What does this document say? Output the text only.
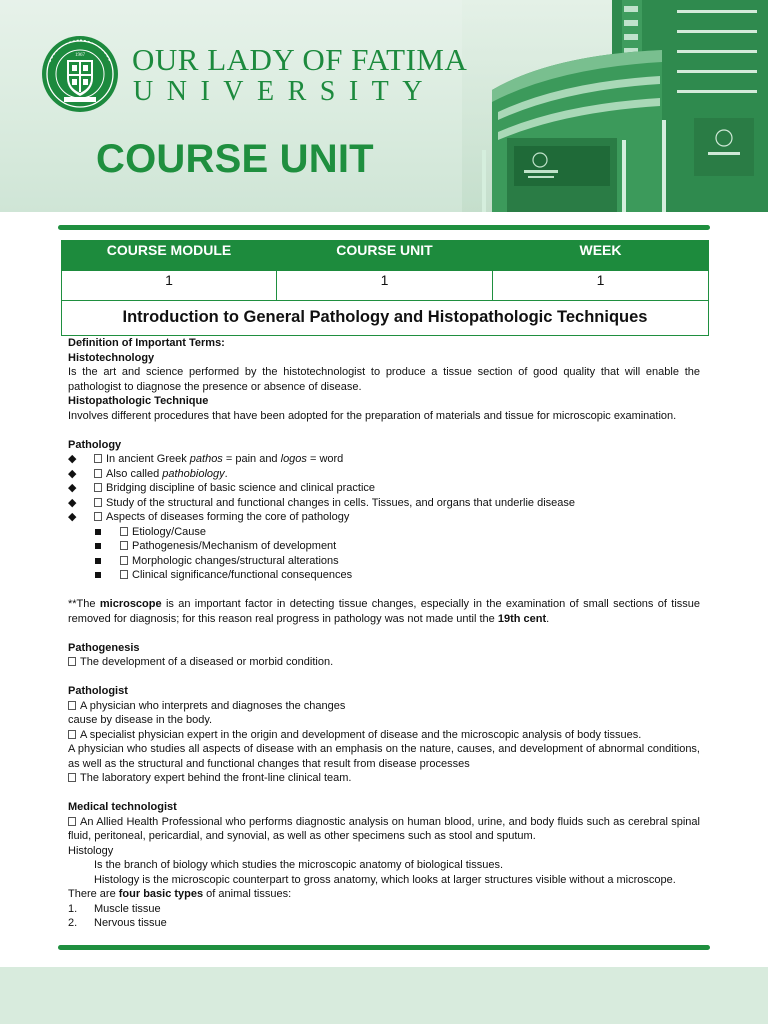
1967 OUR LADY OF FATIMA
UNIVERSITY
COURSE UNIT
COURSE MODULE	COURSE UNIT	WEEK
1	1	1
Introduction to General Pathology and Histopathologic Techniques		

Definition of Important Terms:

Histotechnology

Is the art and science performed by the histotechnologist to produce a tissue section of good quality that will enable the pathologist to diagnose the presence or absence of disease.

Histopathologic Technique

Involves different procedures that have been adopted for the preparation of materials and tissue for microscopic examination.

Pathology

◆	In ancient Greek pathos = pain and logos = word

◆	Also called pathobiology.

◆	Bridging discipline of basic science and clinical practice

◆	Study of the structural and functional changes in cells. Tissues, and organs that underlie disease

◆	Aspects of diseases forming the core of pathology

Etiology/Cause

Pathogenesis/Mechanism of development

Morphologic changes/structural alterations

Clinical significance/functional consequences

**The microscope is an important factor in detecting tissue changes, especially in the examination of small sections of tissue removed for diagnosis; for this reason real progress in pathology was not made until the 19th cent.

Pathogenesis

The development of a diseased or morbid condition.

Pathologist

A physician who interprets and diagnoses the changes

cause by disease in the body.

A specialist physician expert in the origin and development of disease and the microscopic analysis of body tissues.

A physician who studies all aspects of disease with an emphasis on the nature, causes, and development of abnormal conditions, as well as the structural and functional changes that result from disease processes

The laboratory expert behind the front-line clinical team.

Medical technologist

An Allied Health Professional who performs diagnostic analysis on human blood, urine, and body fluids such as cerebral spinal fluid, peritoneal, pericardial, and synovial, as well as other specimens such as stool and sputum.

Histology

Is the branch of biology which studies the microscopic anatomy of biological tissues.

Histology is the microscopic counterpart to gross anatomy, which looks at larger structures visible without a microscope.

There are four basic types of animal tissues:

1. Muscle tissue

2. Nervous tissue
